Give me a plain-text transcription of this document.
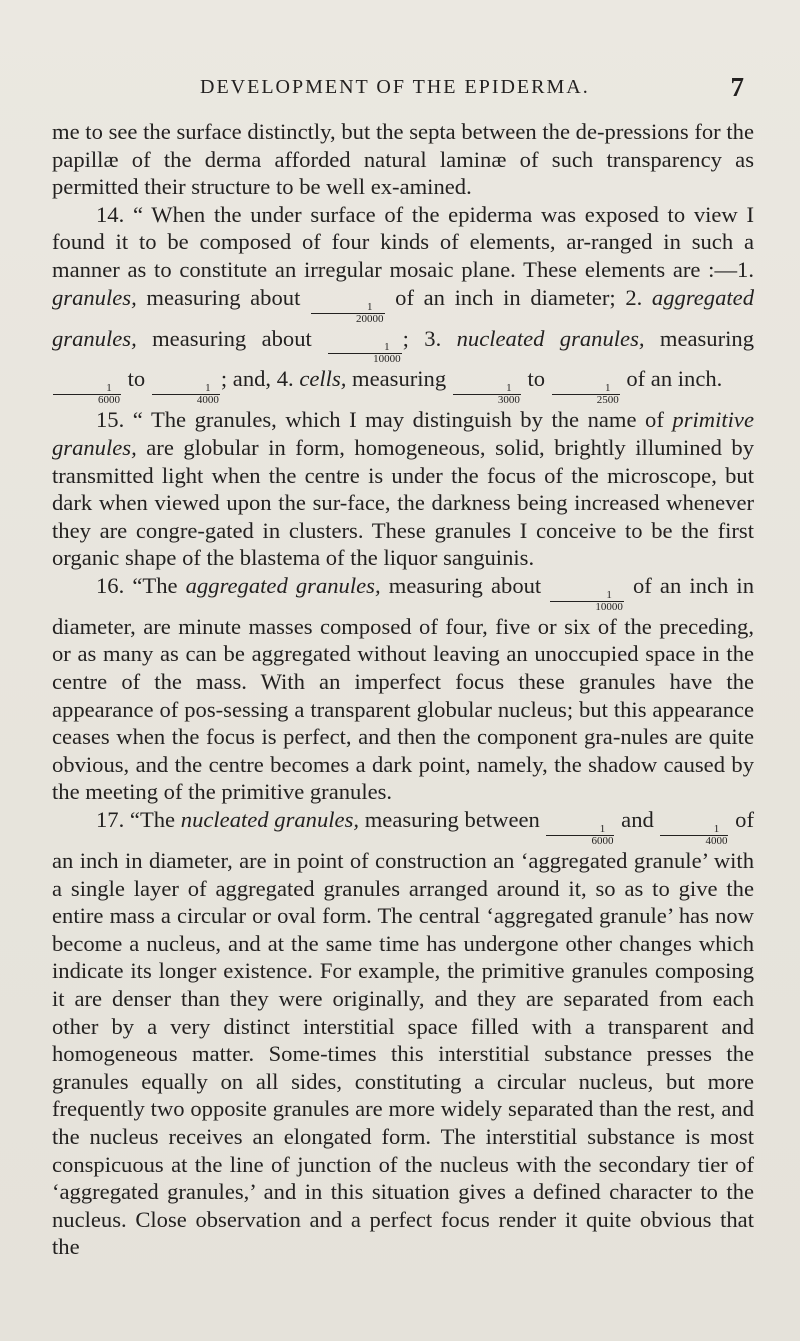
DEVELOPMENT OF THE EPIDERMA.	7

me to see the surface distinctly, but the septa between the de-pressions for the papillæ of the derma afforded natural laminæ of such transparency as permitted their structure to be well ex-amined.

14. “ When the under surface of the epiderma was exposed to view I found it to be composed of four kinds of elements, ar-ranged in such a manner as to constitute an irregular mosaic plane. These elements are :—1. granules, measuring about
$\frac{1}{20000}$
of an inch in diameter; 2. aggregated granules, measuring about
$\frac{1}{10000}$
; 3. nucleated granules, measuring
$\frac{1}{6000}$
to
$\frac{1}{4000}$
; and, 4. cells, measuring
$\frac{1}{3000}$
to
$\frac{1}{2500}$
of an inch.

15. “ The granules, which I may distinguish by the name of primitive granules, are globular in form, homogeneous, solid, brightly illumined by transmitted light when the centre is under the focus of the microscope, but dark when viewed upon the sur-face, the darkness being increased whenever they are congre-gated in clusters. These granules I conceive to be the first organic shape of the blastema of the liquor sanguinis.

16. “The aggregated granules, measuring about
$\frac{1}{10000}$
of an inch in diameter, are minute masses composed of four, five or six of the preceding, or as many as can be aggregated without leaving an unoccupied space in the centre of the mass. With an imperfect focus these granules have the appearance of pos-sessing a transparent globular nucleus; but this appearance ceases when the focus is perfect, and then the component gra-nules are quite obvious, and the centre becomes a dark point, namely, the shadow caused by the meeting of the primitive granules.

17. “The nucleated granules, measuring between
$\frac{1}{6000}$
and
$\frac{1}{4000}$
of an inch in diameter, are in point of construction an ‘aggregated granule’ with a single layer of aggregated granules arranged around it, so as to give the entire mass a circular or oval form. The central ‘aggregated granule’ has now become a nucleus, and at the same time has undergone other changes which indicate its longer existence. For example, the primitive granules composing it are denser than they were originally, and they are separated from each other by a very distinct interstitial space filled with a transparent and homogeneous matter. Some-times this interstitial substance presses the granules equally on all sides, constituting a circular nucleus, but more frequently two opposite granules are more widely separated than the rest, and the nucleus receives an elongated form. The interstitial substance is most conspicuous at the line of junction of the nucleus with the secondary tier of ‘aggregated granules,’ and in this situation gives a defined character to the nucleus. Close observation and a perfect focus render it quite obvious that the
